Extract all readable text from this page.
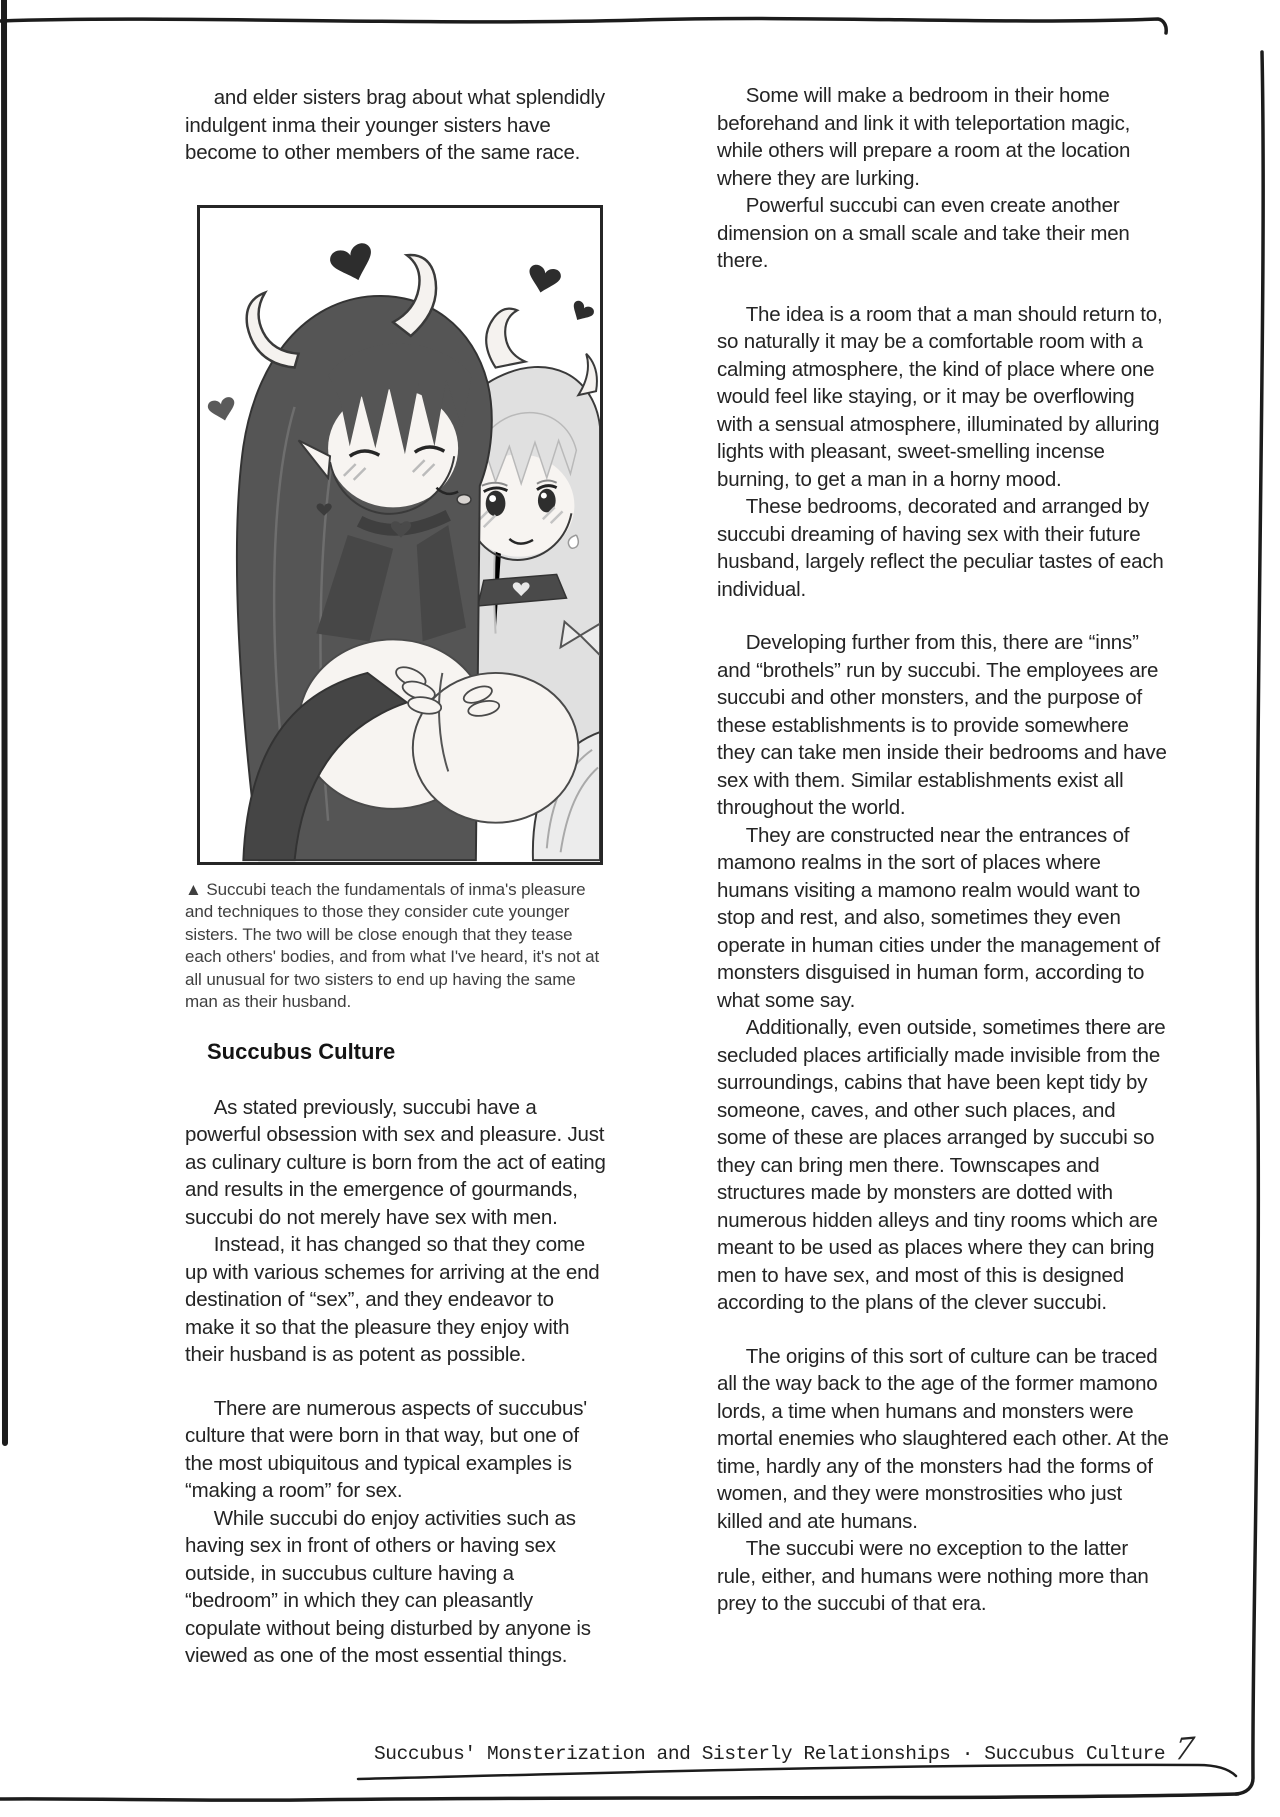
and elder sisters brag about what splendidly indulgent inma their younger sisters have become to other members of the same race.

▲ Succubi teach the fundamentals of inma's pleasure and techniques to those they consider cute younger sisters. The two will be close enough that they tease each others' bodies, and from what I've heard, it's not at all unusual for two sisters to end up having the same man as their husband.

Succubus Culture

As stated previously, succubi have a powerful obsession with sex and pleasure. Just as culinary culture is born from the act of eating and results in the emergence of gourmands, succubi do not merely have sex with men.

Instead, it has changed so that they come up with various schemes for arriving at the end destination of “sex”, and they endeavor to make it so that the pleasure they enjoy with their husband is as potent as possible.

There are numerous aspects of succubus' culture that were born in that way, but one of the most ubiquitous and typical examples is “making a room” for sex.

While succubi do enjoy activities such as having sex in front of others or having sex outside, in succubus culture having a “bedroom” in which they can pleasantly copulate without being disturbed by anyone is viewed as one of the most essential things.

Some will make a bedroom in their home beforehand and link it with teleportation magic, while others will prepare a room at the location where they are lurking.

Powerful succubi can even create another dimension on a small scale and take their men there.

The idea is a room that a man should return to, so naturally it may be a comfortable room with a calming atmosphere, the kind of place where one would feel like staying, or it may be overflowing with a sensual atmosphere, illuminated by alluring lights with pleasant, sweet-smelling incense burning, to get a man in a horny mood.

These bedrooms, decorated and arranged by succubi dreaming of having sex with their future husband, largely reflect the peculiar tastes of each individual.

Developing further from this, there are “inns” and “brothels” run by succubi. The employees are succubi and other monsters, and the purpose of these establishments is to provide somewhere they can take men inside their bedrooms and have sex with them. Similar establishments exist all throughout the world.

They are constructed near the entrances of mamono realms in the sort of places where humans visiting a mamono realm would want to stop and rest, and also, sometimes they even operate in human cities under the management of monsters disguised in human form, according to what some say.

Additionally, even outside, sometimes there are secluded places artificially made invisible from the surroundings, cabins that have been kept tidy by someone, caves, and other such places, and some of these are places arranged by succubi so they can bring men there. Townscapes and structures made by monsters are dotted with numerous hidden alleys and tiny rooms which are meant to be used as places where they can bring men to have sex, and most of this is designed according to the plans of the clever succubi.

The origins of this sort of culture can be traced all the way back to the age of the former mamono lords, a time when humans and monsters were mortal enemies who slaughtered each other. At the time, hardly any of the monsters had the forms of women, and they were monstrosities who just killed and ate humans.

The succubi were no exception to the latter rule, either, and humans were nothing more than prey to the succubi of that era.

Succubus' Monsterization and Sisterly Relationships · Succubus Culture 7
